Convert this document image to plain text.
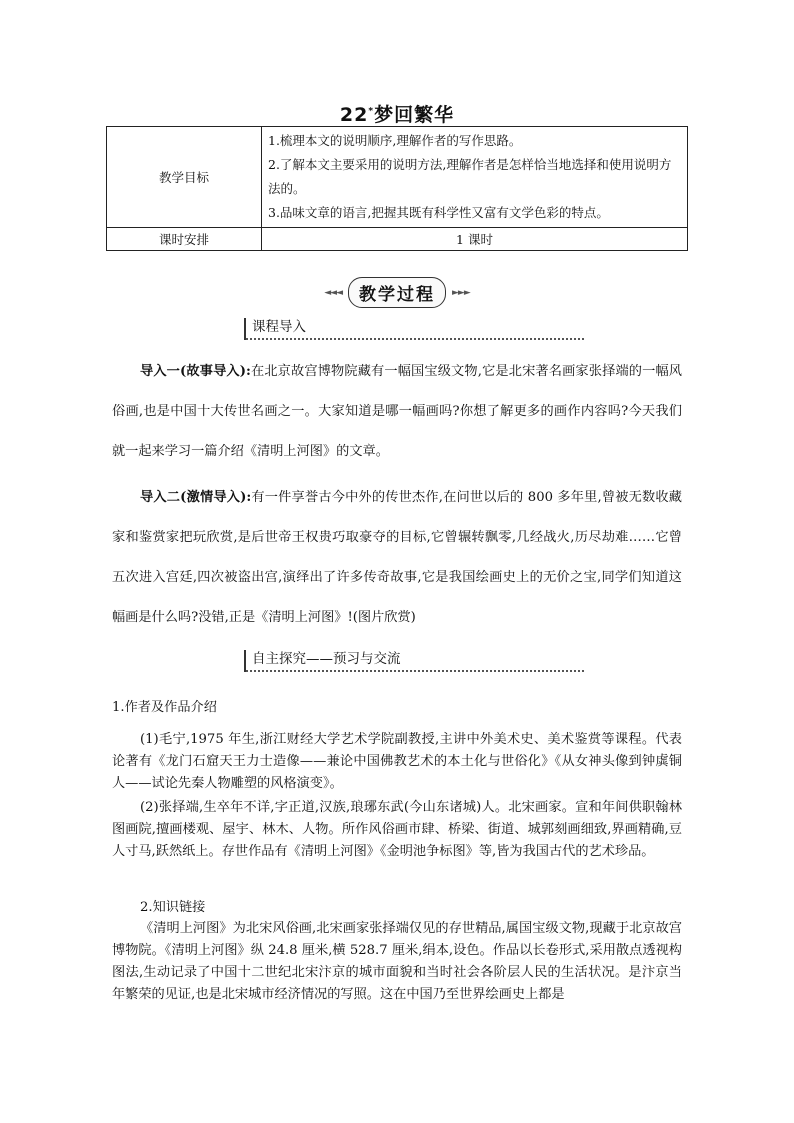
22*梦回繁华
教学目标	1.梳理本文的说明顺序,理解作者的写作思路。
2.了解本文主要采用的说明方法,理解作者是怎样恰当地选择和使用说明方法的。
3.品味文章的语言,把握其既有科学性又富有文学色彩的特点。

课时安排	1 课时
◄◄◄	教学过程	►►►
课程导入
导入一(故事导入):在北京故宫博物院藏有一幅国宝级文物,它是北宋著名画家张择端的一幅风俗画,也是中国十大传世名画之一。大家知道是哪一幅画吗?你想了解更多的画作内容吗?今天我们就一起来学习一篇介绍《清明上河图》的文章。
导入二(激情导入):有一件享誉古今中外的传世杰作,在问世以后的 800 多年里,曾被无数收藏家和鉴赏家把玩欣赏,是后世帝王权贵巧取豪夺的目标,它曾辗转飘零,几经战火,历尽劫难……它曾五次进入宫廷,四次被盗出宫,演绎出了许多传奇故事,它是我国绘画史上的无价之宝,同学们知道这幅画是什么吗?没错,正是《清明上河图》!(图片欣赏)
自主探究——预习与交流
1.作者及作品介绍
(1)毛宁,1975 年生,浙江财经大学艺术学院副教授,主讲中外美术史、美术鉴赏等课程。代表论著有《龙门石窟天王力士造像——兼论中国佛教艺术的本土化与世俗化》《从女神头像到钟虡铜人——试论先秦人物雕塑的风格演变》。
(2)张择端,生卒年不详,字正道,汉族,琅琊东武(今山东诸城)人。北宋画家。宣和年间供职翰林图画院,擅画楼观、屋宇、林木、人物。所作风俗画市肆、桥梁、街道、城郭刻画细致,界画精确,豆人寸马,跃然纸上。存世作品有《清明上河图》《金明池争标图》等,皆为我国古代的艺术珍品。
2.知识链接
《清明上河图》为北宋风俗画,北宋画家张择端仅见的存世精品,属国宝级文物,现藏于北京故宫博物院。《清明上河图》纵 24.8 厘米,横 528.7 厘米,绢本,设色。作品以长卷形式,采用散点透视构图法,生动记录了中国十二世纪北宋汴京的城市面貌和当时社会各阶层人民的生活状况。是汴京当年繁荣的见证,也是北宋城市经济情况的写照。这在中国乃至世界绘画史上都是
